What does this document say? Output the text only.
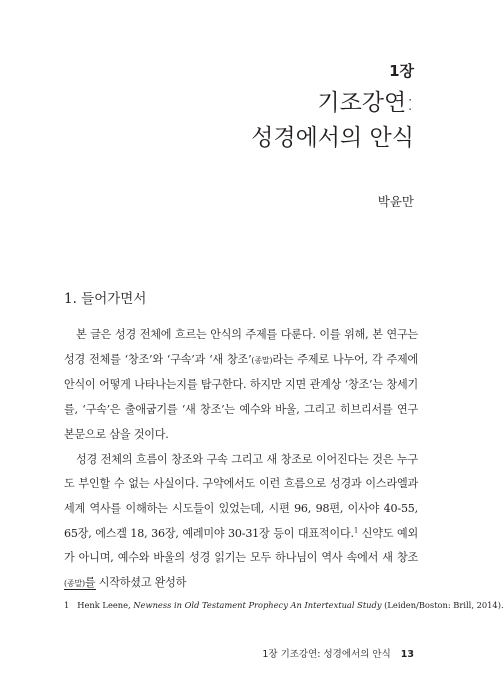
1장
기조강연:
성경에서의 안식
박윤만
1. 들어가면서

본 글은 성경 전체에 흐르는 안식의 주제를 다룬다. 이를 위해, 본 연구는 성경 전체를 ‘창조’와 ‘구속’과 ‘새 창조’(종말)라는 주제로 나누어, 각 주제에 안식이 어떻게 나타나는지를 탐구한다. 하지만 지면 관계상 ‘창조’는 창세기를, ‘구속’은 출애굽기를 ‘새 창조’는 예수와 바울, 그리고 히브리서를 연구 본문으로 삼을 것이다.

성경 전체의 흐름이 창조와 구속 그리고 새 창조로 이어진다는 것은 누구도 부인할 수 없는 사실이다. 구약에서도 이런 흐름으로 성경과 이스라엘과 세계 역사를 이해하는 시도들이 있었는데, 시편 96, 98편, 이사야 40-55, 65장, 에스겔 18, 36장, 예레미야 30-31장 등이 대표적이다.$^1$ 신약도 예외가 아니며, 예수와 바울의 성경 읽기는 모두 하나님이 역사 속에서 새 창조(종말)를 시작하셨고 완성하

1 Henk Leene, Newness in Old Testament Prophecy An Intertextual Study (Leiden/Boston: Brill, 2014).
1장 기조강연: 성경에서의 안식 13
